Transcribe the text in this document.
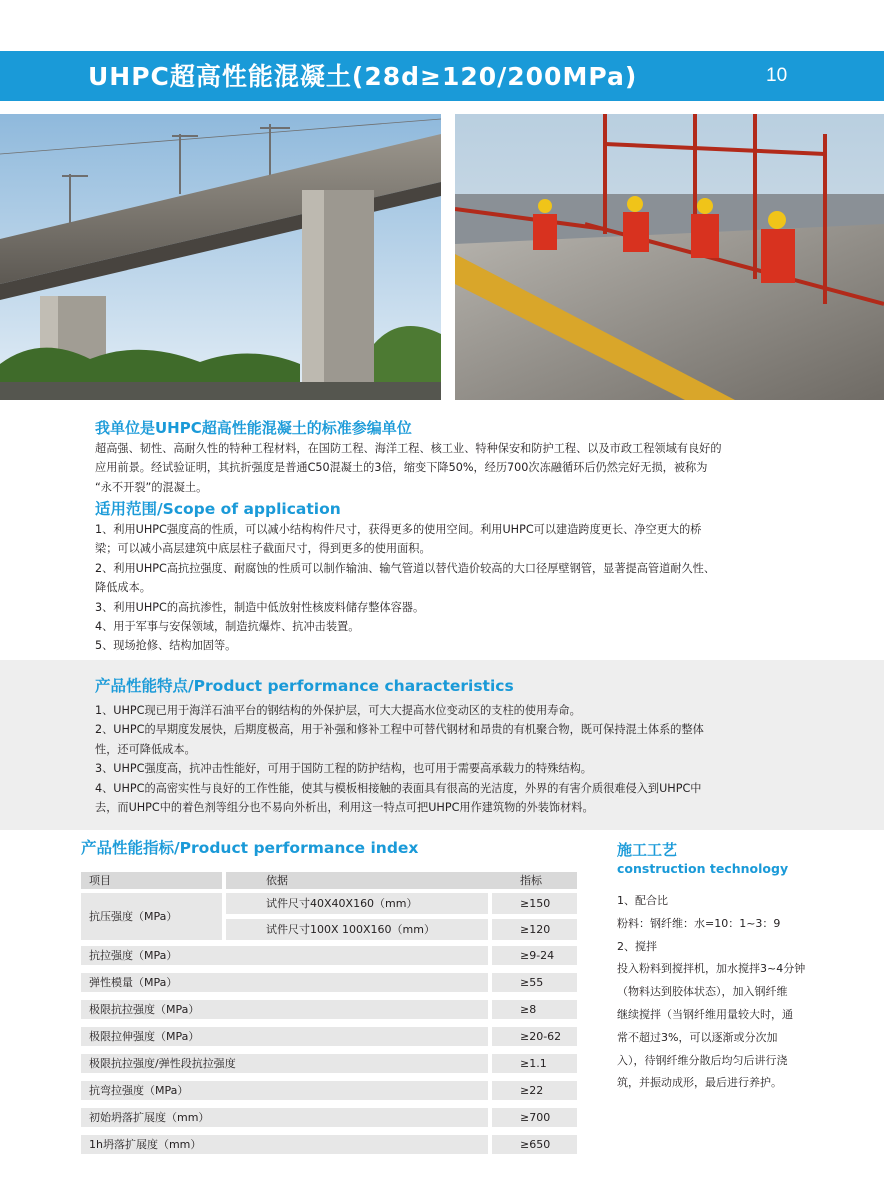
UHPC超高性能混凝土(28d≥120/200MPa)	10
我单位是UHPC超高性能混凝土的标准参编单位

超高强、韧性、高耐久性的特种工程材料，在国防工程、海洋工程、核工业、特种保安和防护工程、以及市政工程领域有良好的

应用前景。经试验证明，其抗折强度是普通C50混凝土的3倍，缩变下降50%，经历700次冻融循环后仍然完好无损，被称为

“永不开裂”的混凝土。

适用范围/Scope of application

1、利用UHPC强度高的性质，可以减小结构构件尺寸，获得更多的使用空间。利用UHPC可以建造跨度更长、净空更大的桥

梁；可以减小高层建筑中底层柱子截面尺寸，得到更多的使用面积。

2、利用UHPC高抗拉强度、耐腐蚀的性质可以制作输油、输气管道以替代造价较高的大口径厚壁钢管，显著提高管道耐久性、

降低成本。

3、利用UHPC的高抗渗性，制造中低放射性核废料储存整体容器。

4、用于军事与安保领域，制造抗爆炸、抗冲击装置。

5、现场抢修、结构加固等。

产品性能特点/Product performance characteristics

1、UHPC现已用于海洋石油平台的钢结构的外保护层，可大大提高水位变动区的支柱的使用寿命。

2、UHPC的早期度发展快，后期度极高，用于补强和修补工程中可替代钢材和昂贵的有机聚合物，既可保持混土体系的整体

性，还可降低成本。

3、UHPC强度高，抗冲击性能好，可用于国防工程的防护结构，也可用于需要高承载力的特殊结构。

4、UHPC的高密实性与良好的工作性能，使其与模板相接触的表面具有很高的光洁度，外界的有害介质很难侵入到UHPC中

去，而UHPC中的着色剂等组分也不易向外析出，利用这一特点可把UHPC用作建筑物的外装饰材料。

产品性能指标/Product performance index
项目	依据	指标
抗压强度（MPa）
试件尺寸40X40X160（mm）	≥150
试件尺寸100X 100X160（mm）	≥120
抗拉强度（MPa）	≥9-24
弹性模量（MPa）	≥55
极限抗拉强度（MPa）	≥8
极限拉伸强度（MPa）	≥20-62
极限抗拉强度/弹性段抗拉强度	≥1.1
抗弯拉强度（MPa）	≥22
初始坍落扩展度（mm）	≥700
1h坍落扩展度（mm）	≥650
施工工艺
construction technology

1、配合比

粉料：钢纤维：水=10：1~3：9

2、搅拌

投入粉料到搅拌机，加水搅拌3~4分钟

（物料达到胶体状态），加入钢纤维

继续搅拌（当钢纤维用量较大时，通

常不超过3%，可以逐渐或分次加

入），待钢纤维分散后均匀后讲行浇

筑，并振动成形，最后进行养护。
